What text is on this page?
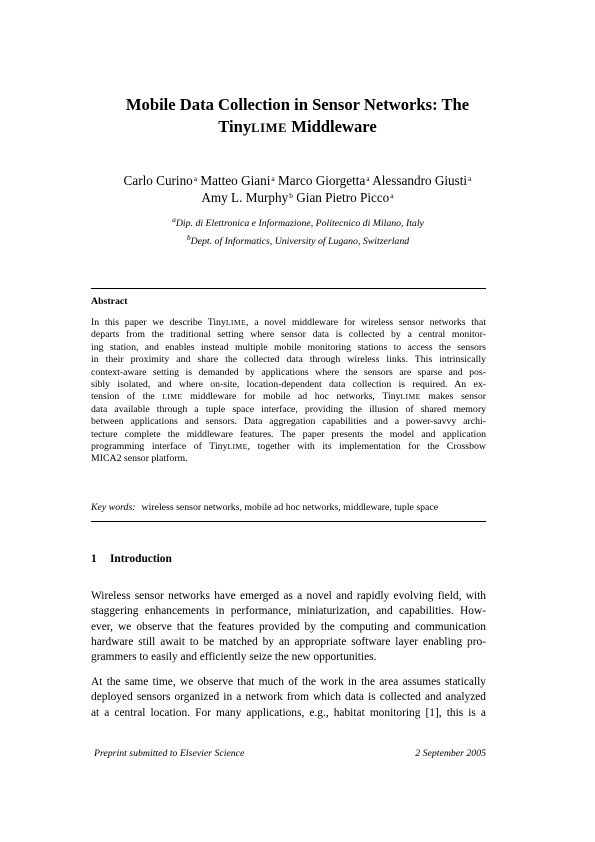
Mobile Data Collection in Sensor Networks: The
TinyLIME Middleware
Carlo Curino$^a$ Matteo Giani$^a$ Marco Giorgetta$^a$ Alessandro Giusti$^a$
Amy L. Murphy$^b$ Gian Pietro Picco$^a$
$^a$Dip. di Elettronica e Informazione, Politecnico di Milano, Italy
$^b$Dept. of Informatics, University of Lugano, Switzerland
Abstract
In this paper we describe TinyLIME, a novel middleware for wireless sensor networks that
departs from the traditional setting where sensor data is collected by a central monitor-
ing station, and enables instead multiple mobile monitoring stations to access the sensors
in their proximity and share the collected data through wireless links. This intrinsically
context-aware setting is demanded by applications where the sensors are sparse and pos-
sibly isolated, and where on-site, location-dependent data collection is required. An ex-
tension of the LIME middleware for mobile ad hoc networks, TinyLIME makes sensor
data available through a tuple space interface, providing the illusion of shared memory
between applications and sensors. Data aggregation capabilities and a power-savvy archi-
tecture complete the middleware features. The paper presents the model and application
programming interface of TinyLIME, together with its implementation for the Crossbow
MICA2 sensor platform.
Key words: wireless sensor networks, mobile ad hoc networks, middleware, tuple space
1 Introduction
Wireless sensor networks have emerged as a novel and rapidly evolving field, with
staggering enhancements in performance, miniaturization, and capabilities. How-
ever, we observe that the features provided by the computing and communication
hardware still await to be matched by an appropriate software layer enabling pro-
grammers to easily and efficiently seize the new opportunities.
At the same time, we observe that much of the work in the area assumes statically
deployed sensors organized in a network from which data is collected and analyzed
at a central location. For many applications, e.g., habitat monitoring [1], this is a
Preprint submitted to Elsevier Science	2 September 2005
